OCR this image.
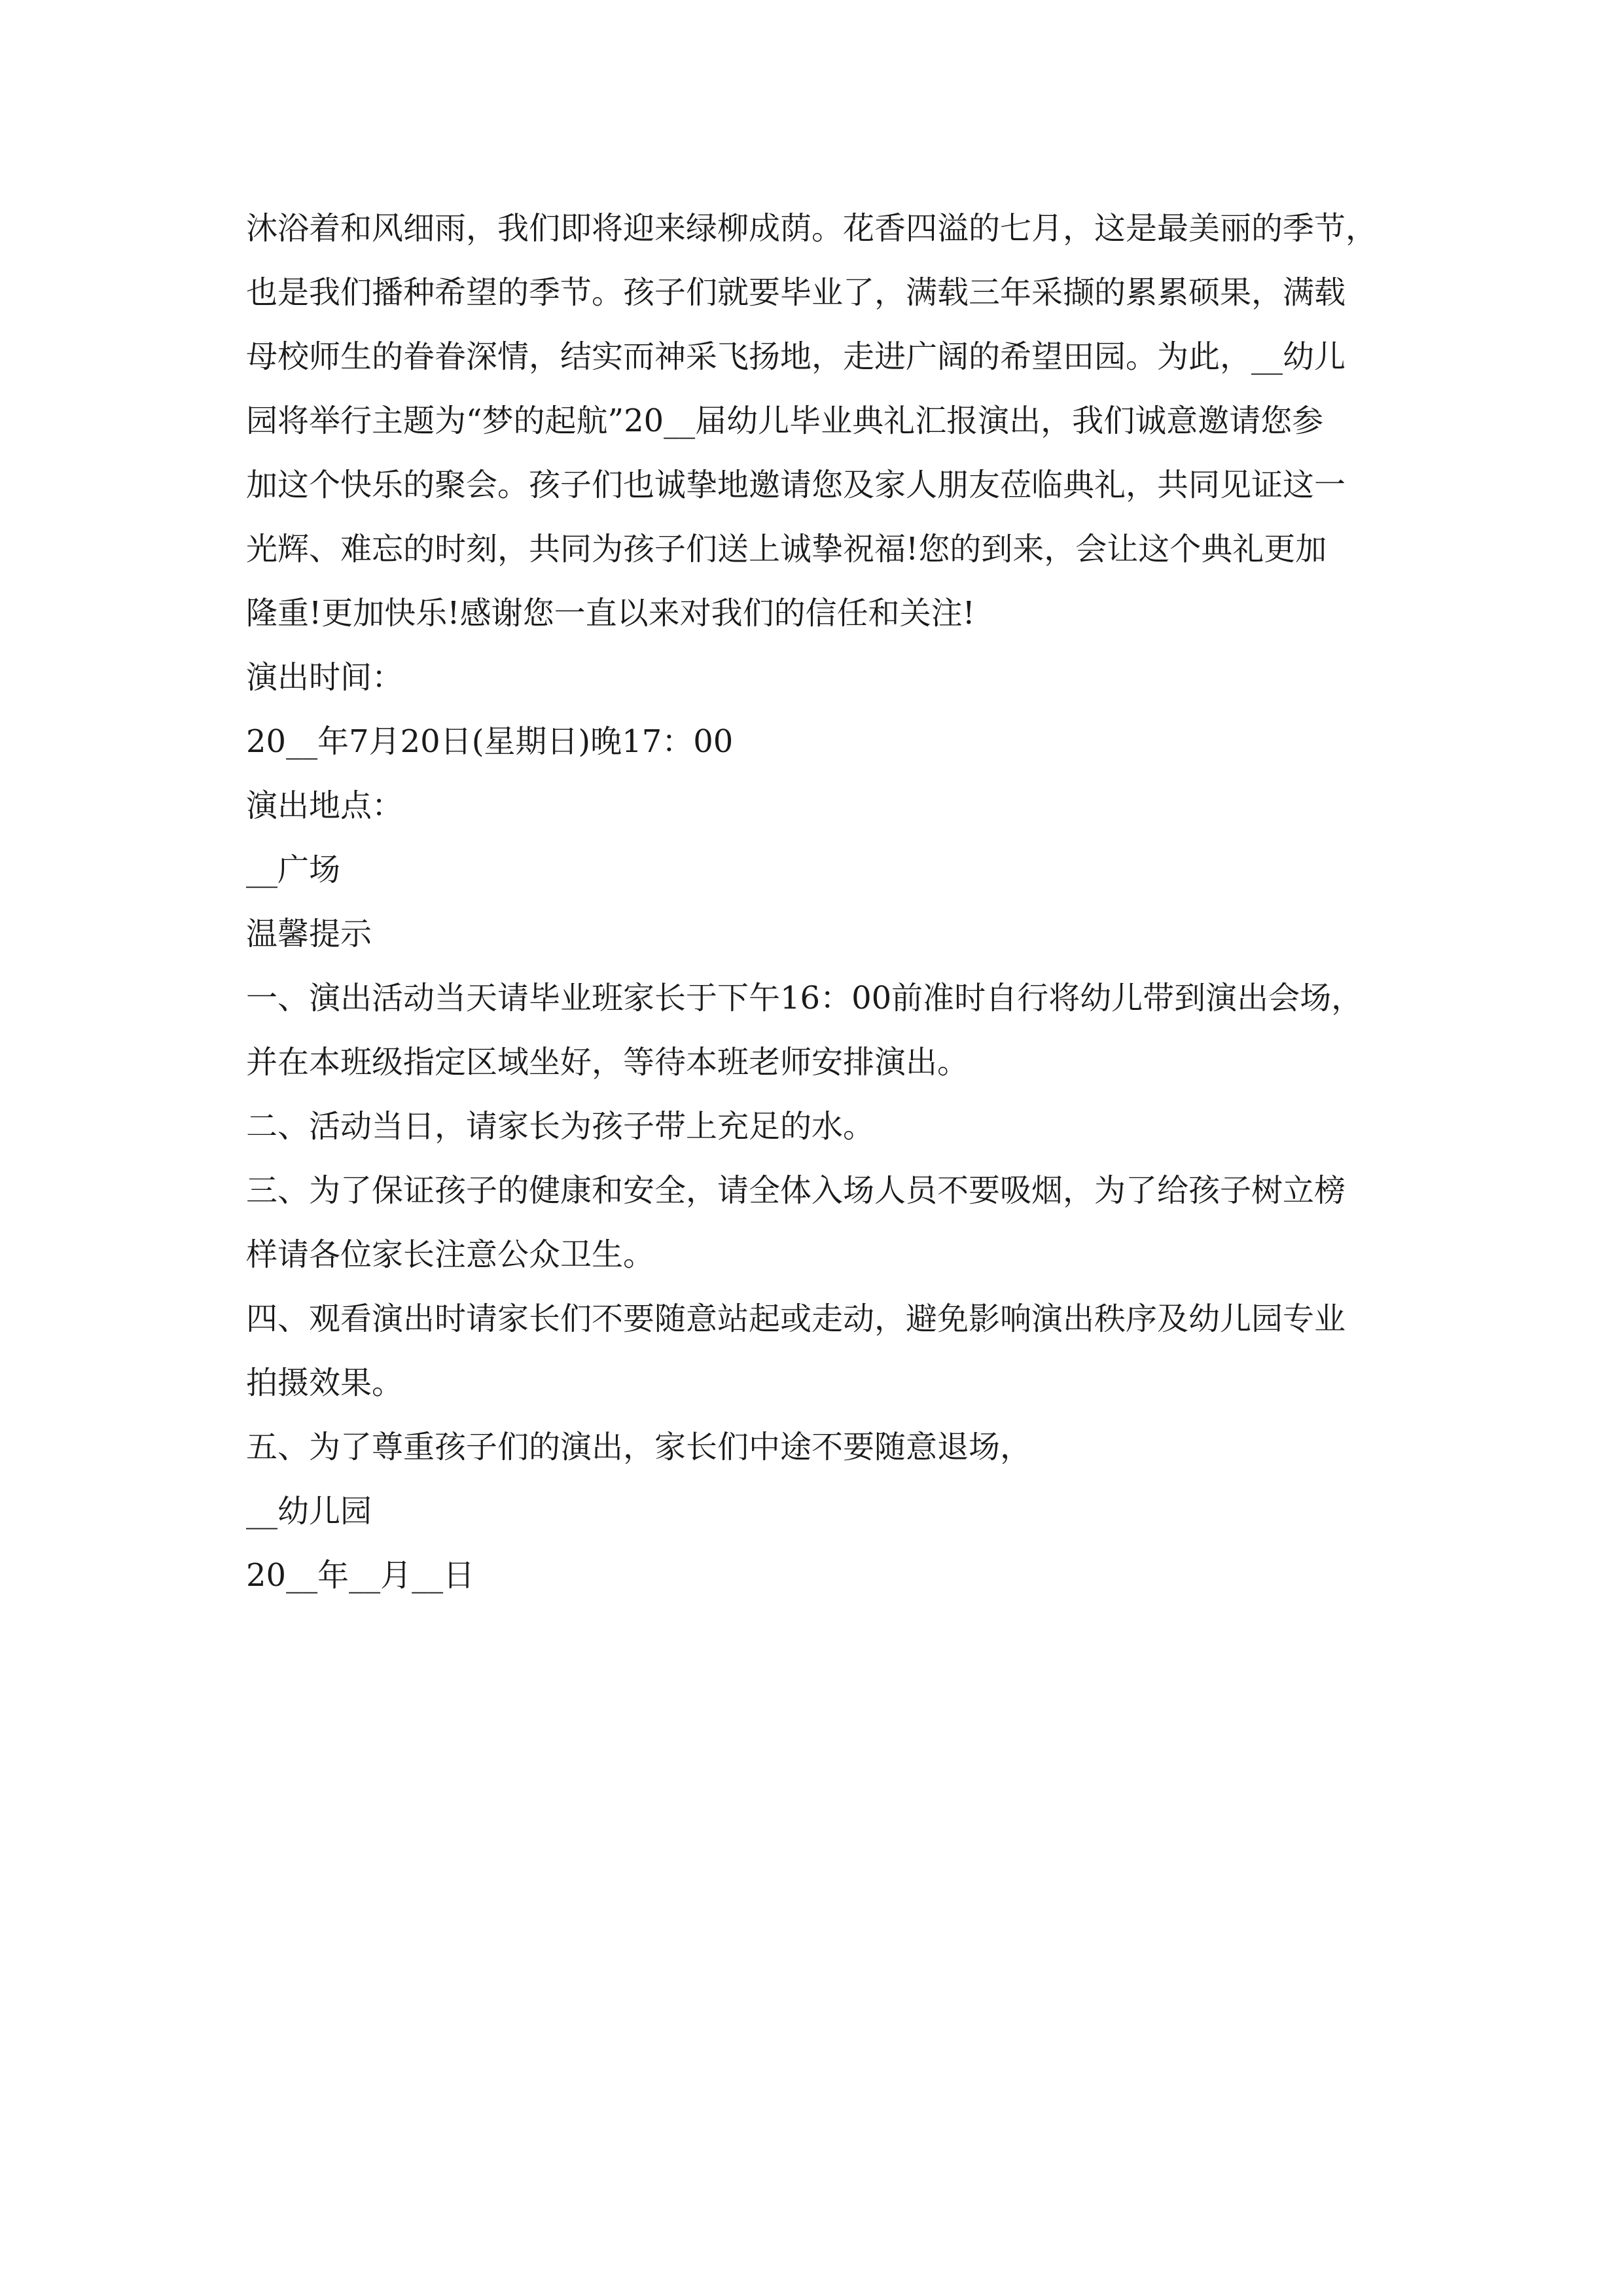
沐浴着和风细雨，我们即将迎来绿柳成荫。花香四溢的七月，这是最美丽的季节，
也是我们播种希望的季节。孩子们就要毕业了，满载三年采撷的累累硕果，满载
母校师生的眷眷深情，结实而神采飞扬地，走进广阔的希望田园。为此，__幼儿
园将举行主题为“梦的起航”20__届幼儿毕业典礼汇报演出，我们诚意邀请您参
加这个快乐的聚会。孩子们也诚挚地邀请您及家人朋友莅临典礼，共同见证这一
光辉、难忘的时刻，共同为孩子们送上诚挚祝福!您的到来，会让这个典礼更加
隆重!更加快乐!感谢您一直以来对我们的信任和关注!
演出时间：
20__年7月20日(星期日)晚17：00
演出地点：
__广场
温馨提示
一、演出活动当天请毕业班家长于下午16：00前准时自行将幼儿带到演出会场，
并在本班级指定区域坐好，等待本班老师安排演出。
二、活动当日，请家长为孩子带上充足的水。
三、为了保证孩子的健康和安全，请全体入场人员不要吸烟，为了给孩子树立榜
样请各位家长注意公众卫生。
四、观看演出时请家长们不要随意站起或走动，避免影响演出秩序及幼儿园专业
拍摄效果。
五、为了尊重孩子们的演出，家长们中途不要随意退场，
__幼儿园
20__年__月__日
